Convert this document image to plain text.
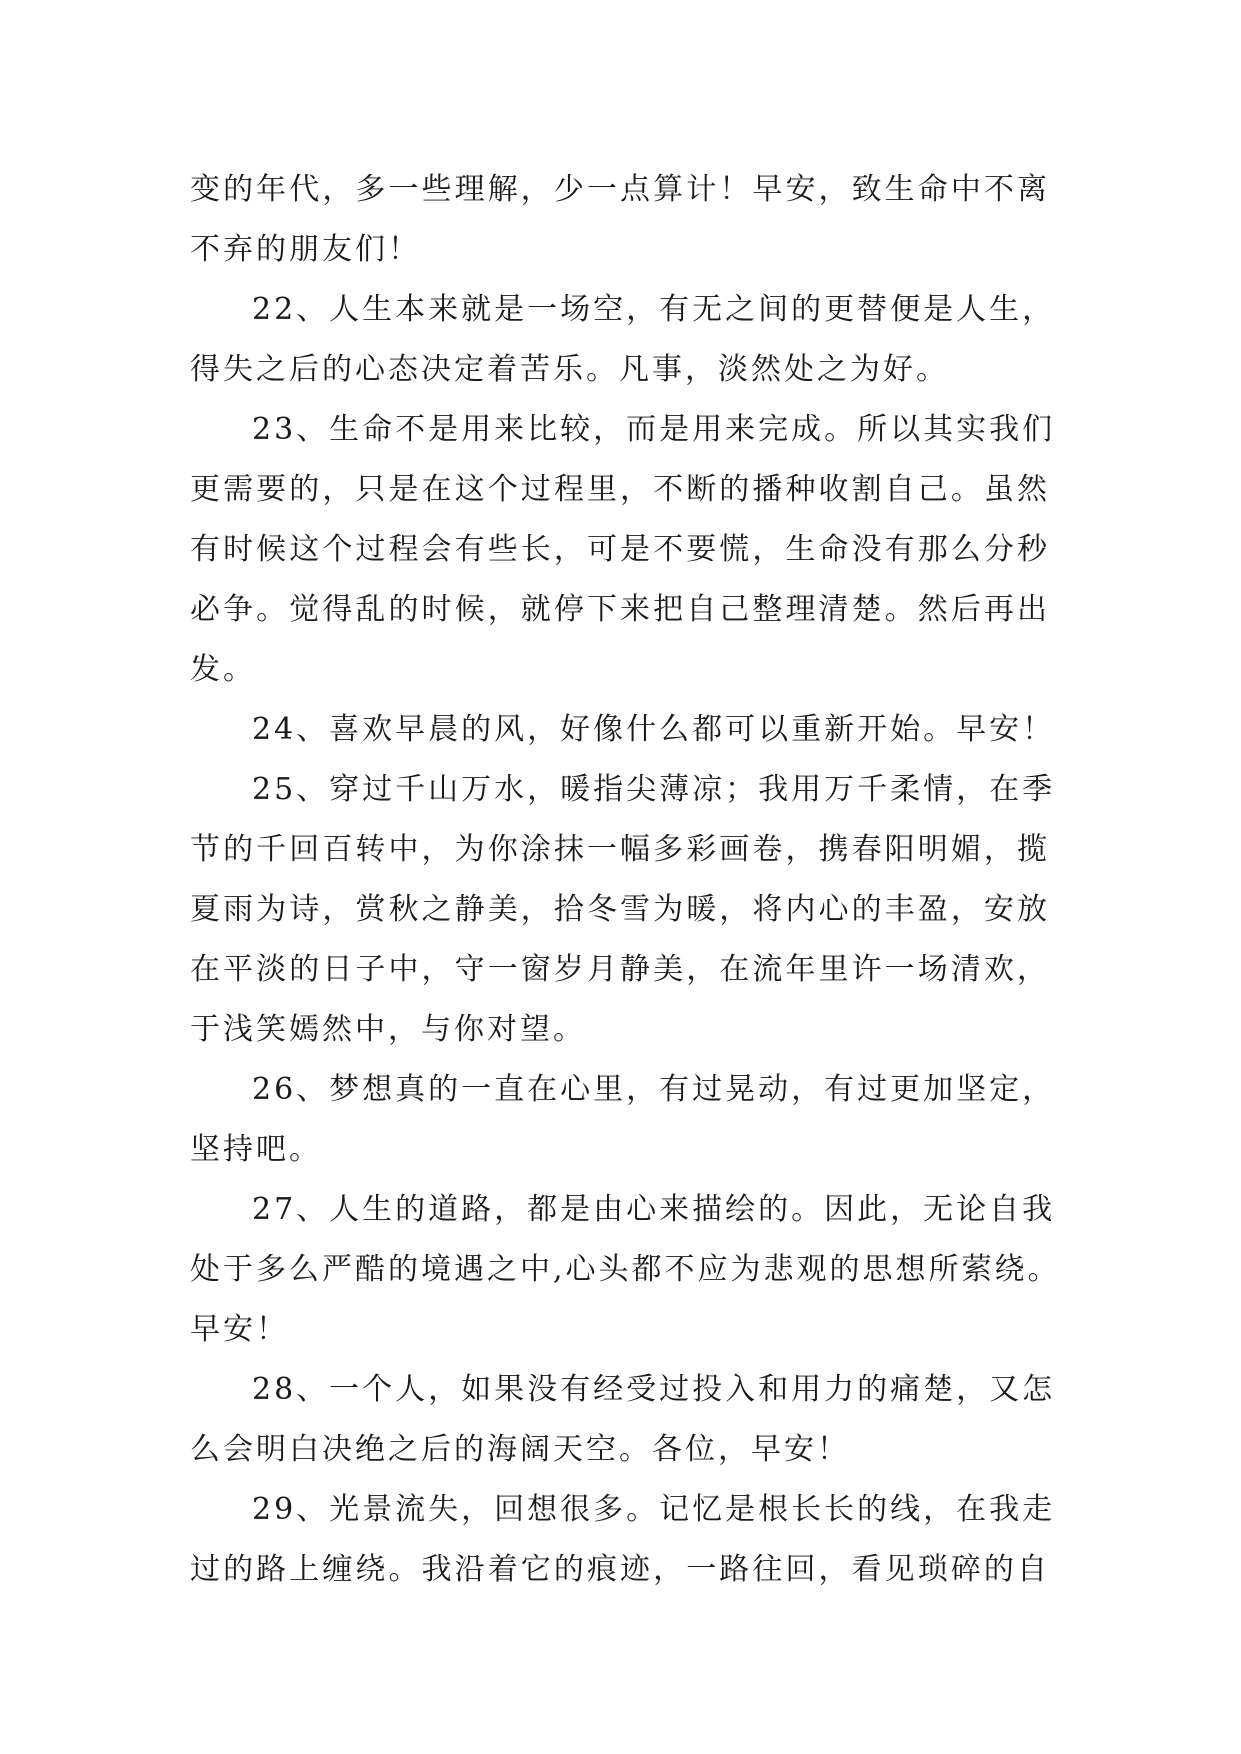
变的年代，多一些理解，少一点算计！早安，致生命中不离
不弃的朋友们！
22、人生本来就是一场空，有无之间的更替便是人生，
得失之后的心态决定着苦乐。凡事，淡然处之为好。
23、生命不是用来比较，而是用来完成。所以其实我们
更需要的，只是在这个过程里，不断的播种收割自己。虽然
有时候这个过程会有些长，可是不要慌，生命没有那么分秒
必争。觉得乱的时候，就停下来把自己整理清楚。然后再出
发。
24、喜欢早晨的风，好像什么都可以重新开始。早安！
25、穿过千山万水，暖指尖薄凉；我用万千柔情，在季
节的千回百转中，为你涂抹一幅多彩画卷，携春阳明媚，揽
夏雨为诗，赏秋之静美，拾冬雪为暖，将内心的丰盈，安放
在平淡的日子中，守一窗岁月静美，在流年里许一场清欢，
于浅笑嫣然中，与你对望。
26、梦想真的一直在心里，有过晃动，有过更加坚定，
坚持吧。
27、人生的道路，都是由心来描绘的。因此，无论自我
处于多么严酷的境遇之中,心头都不应为悲观的思想所萦绕。
早安！
28、一个人，如果没有经受过投入和用力的痛楚，又怎
么会明白决绝之后的海阔天空。各位，早安！
29、光景流失，回想很多。记忆是根长长的线，在我走
过的路上缠绕。我沿着它的痕迹，一路往回，看见琐碎的自
